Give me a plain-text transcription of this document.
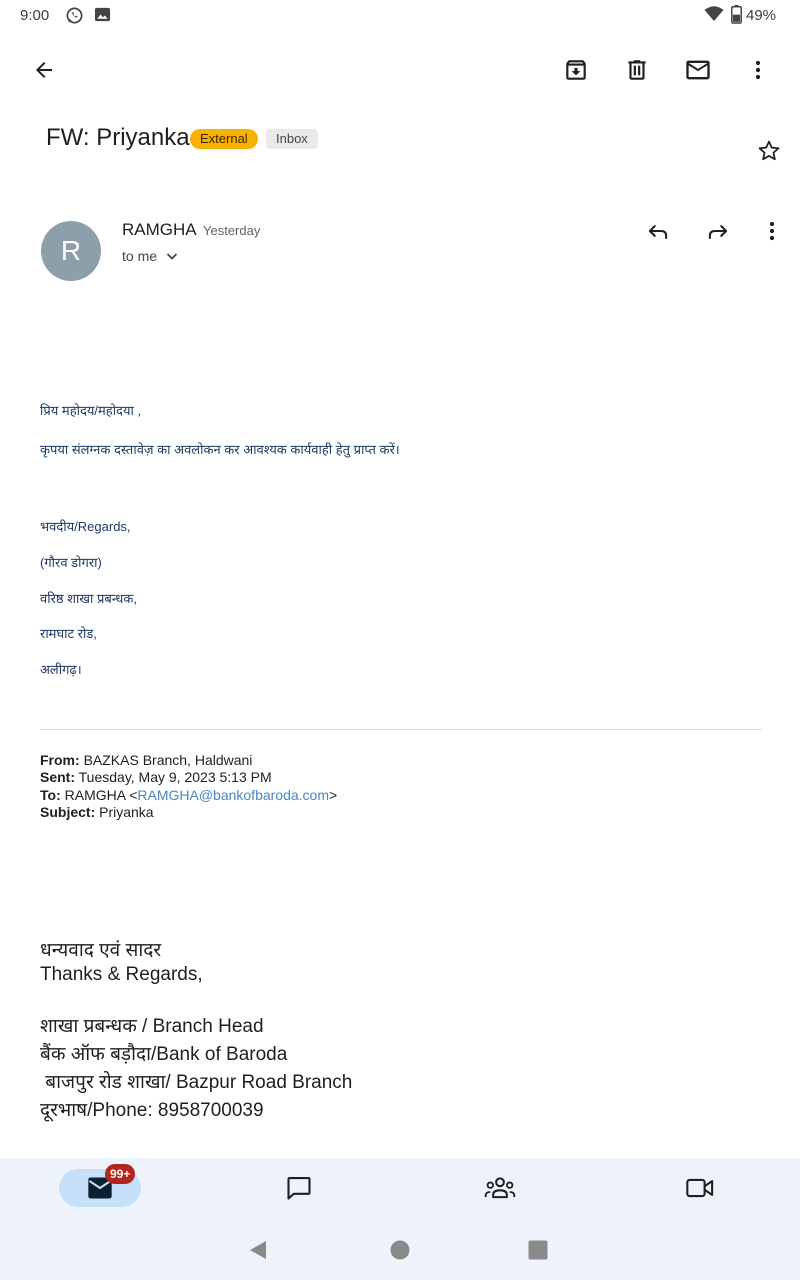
9:00	49%
FW: Priyanka External	Inbox
R
RAMGHA Yesterday
to me
प्रिय महोदय/महोदया ,
कृपया संलग्नक दस्तावेज़ का अवलोकन कर आवश्यक कार्यवाही हेतु प्राप्त करें।
भवदीय/Regards,
(गौरव डोगरा)
वरिष्ठ शाखा प्रबन्धक,
रामघाट रोड,
अलीगढ़।
From: BAZKAS Branch, Haldwani
Sent: Tuesday, May 9, 2023 5:13 PM
To: RAMGHA <RAMGHA@bankofbaroda.com>
Subject: Priyanka
धन्यवाद एवं सादर
Thanks & Regards,
शाखा प्रबन्धक / Branch Head
बैंक ऑफ बड़ौदा/Bank of Baroda
बाजपुर रोड शाखा/ Bazpur Road Branch
दूरभाष/Phone: 8958700039
99+
